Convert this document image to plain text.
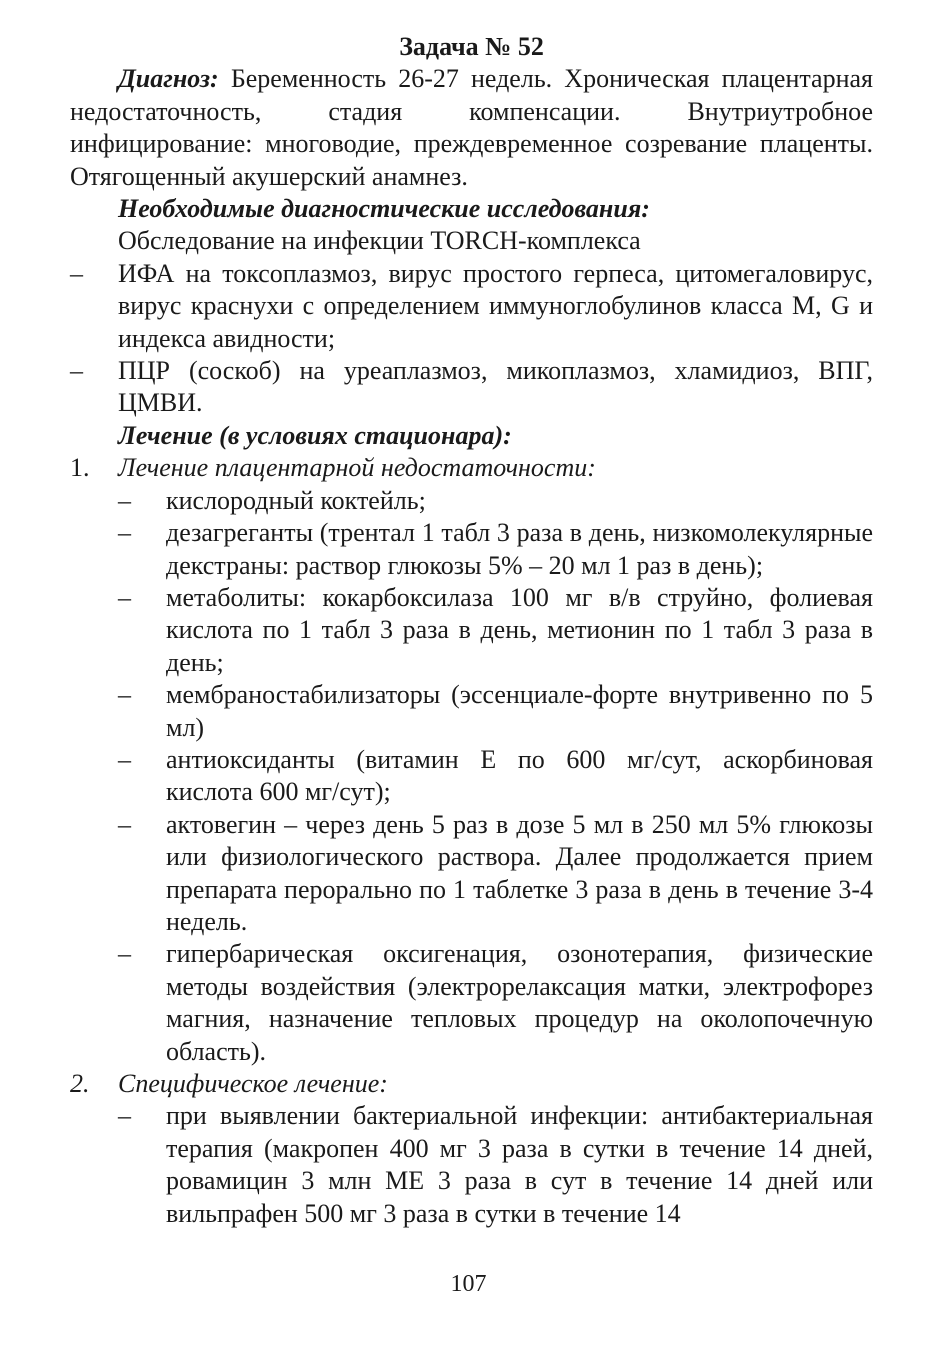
Задача № 52
Диагноз: Беременность 26-27 недель. Хроническая плацентарная недостаточность, стадия компенсации. Внутриутробное инфицирование: многоводие, преждевременное созревание плаценты. Отягощенный акушерский анамнез.
Необходимые диагностические исследования:
Обследование на инфекции TORCH-комплекса
– ИФА на токсоплазмоз, вирус простого герпеса, цитомегаловирус, вирус краснухи с определением иммуноглобулинов класса M, G и индекса авидности;
– ПЦР (соскоб) на уреаплазмоз, микоплазмоз, хламидиоз, ВПГ, ЦМВИ.
Лечение (в условиях стационара):
1. Лечение плацентарной недостаточности:
– кислородный коктейль;
– дезагреганты (трентал 1 табл 3 раза в день, низкомолекулярные декстраны: раствор глюкозы 5% – 20 мл 1 раз в день);
– метаболиты: кокарбоксилаза 100 мг в/в струйно, фолиевая кислота по 1 табл 3 раза в день, метионин по 1 табл 3 раза в день;
– мембраностабилизаторы (эссенциале-форте внутривенно по 5 мл)
– антиоксиданты (витамин Е по 600 мг/сут, аскорбиновая кислота 600 мг/сут);
– актовегин – через день 5 раз в дозе 5 мл в 250 мл 5% глюкозы или физиологического раствора. Далее продолжается прием препарата перорально по 1 таблетке 3 раза в день в течение 3-4 недель.
– гипербарическая оксигенация, озонотерапия, физические методы воздействия (электрорелаксация матки, электрофорез магния, назначение тепловых процедур на околопочечную область).
2. Специфическое лечение:
– при выявлении бактериальной инфекции: антибактериальная терапия (макропен 400 мг 3 раза в сутки в течение 14 дней, ровамицин 3 млн МЕ 3 раза в сут в течение 14 дней или вильпрафен 500 мг 3 раза в сутки в течение 14
107
